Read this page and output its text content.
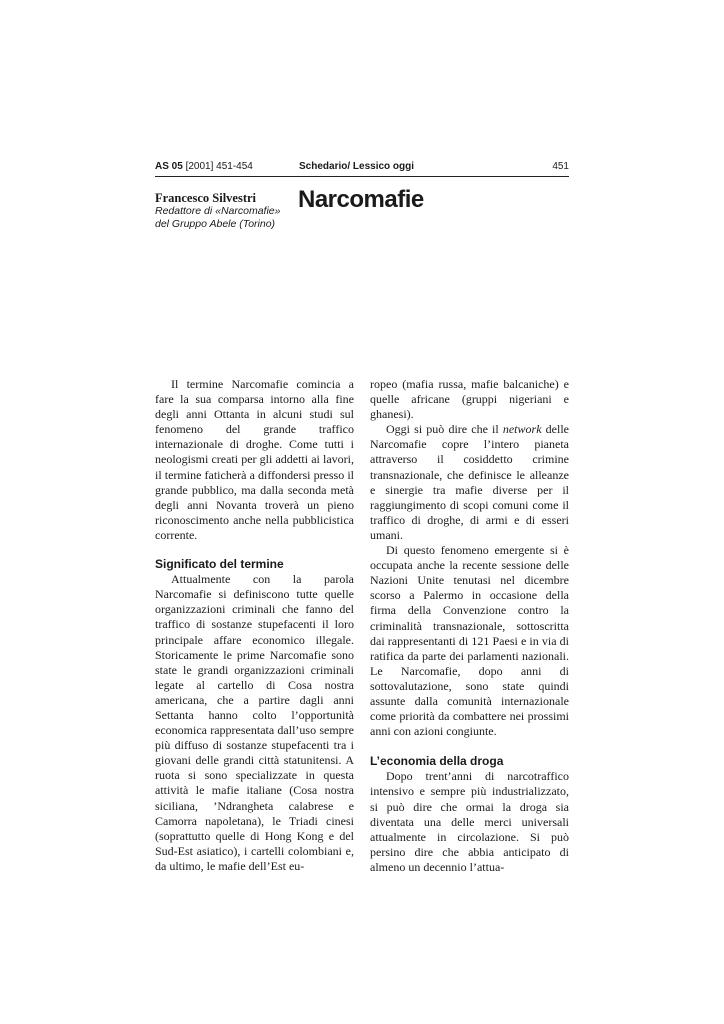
AS 05 [2001] 451-454	Schedario/ Lessico oggi	451
Francesco Silvestri
Redattore di «Narcomafie»
del Gruppo Abele (Torino)
Narcomafie

Il termine Narcomafie comincia a fare la sua comparsa intorno alla fine degli anni Ottanta in alcuni studi sul fenomeno del grande traffico internazionale di droghe. Come tutti i neologismi creati per gli addetti ai lavori, il termine faticherà a diffondersi presso il grande pubblico, ma dalla seconda metà degli anni Novanta troverà un pieno riconoscimento anche nella pubblicistica corrente.

Significato del termine

Attualmente con la parola Narcomafie si definiscono tutte quelle organizzazioni criminali che fanno del traffico di sostanze stupefacenti il loro principale affare economico illegale. Storicamente le prime Narcomafie sono state le grandi organizzazioni criminali legate al cartello di Cosa nostra americana, che a partire dagli anni Settanta hanno colto l’opportunità economica rappresentata dall’uso sempre più diffuso di sostanze stupefacenti tra i giovani delle grandi città statunitensi. A ruota si sono specializzate in questa attività le mafie italiane (Cosa nostra siciliana, ’Ndrangheta calabrese e Camorra napoletana), le Triadi cinesi (soprattutto quelle di Hong Kong e del Sud-Est asiatico), i cartelli colombiani e, da ultimo, le mafie dell’Est eu-

ropeo (mafia russa, mafie balcaniche) e quelle africane (gruppi nigeriani e ghanesi).

Oggi si può dire che il network delle Narcomafie copre l’intero pianeta attraverso il cosiddetto crimine transnazionale, che definisce le alleanze e sinergie tra mafie diverse per il raggiungimento di scopi comuni come il traffico di droghe, di armi e di esseri umani.

Di questo fenomeno emergente si è occupata anche la recente sessione delle Nazioni Unite tenutasi nel dicembre scorso a Palermo in occasione della firma della Convenzione contro la criminalità transnazionale, sottoscritta dai rappresentanti di 121 Paesi e in via di ratifica da parte dei parlamenti nazionali. Le Narcomafie, dopo anni di sottovalutazione, sono state quindi assunte dalla comunità internazionale come priorità da combattere nei prossimi anni con azioni congiunte.

L’economia della droga

Dopo trent’anni di narcotraffico intensivo e sempre più industrializzato, si può dire che ormai la droga sia diventata una delle merci universali attualmente in circolazione. Si può persino dire che abbia anticipato di almeno un decennio l’attua-
